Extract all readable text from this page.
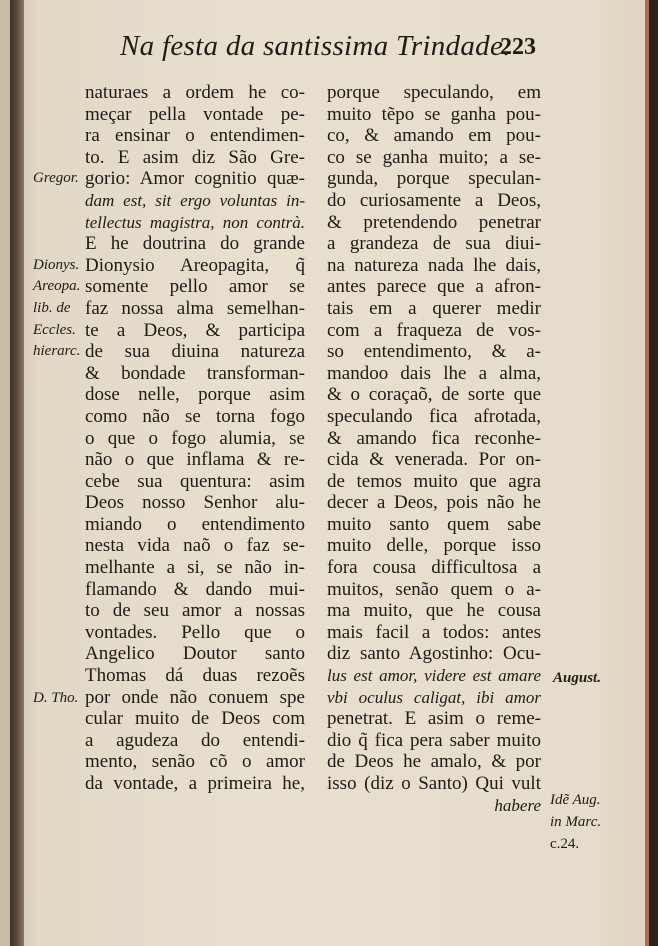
Na festa da santissima Trindade.
223
naturaes a ordem he co-
meçar pella vontade pe-
ra ensinar o entendimen-
to. E asim diz São Gre-
gorio: Amor cognitio quæ-
dam est, sit ergo voluntas in-
tellectus magistra, non contrà.
E he doutrina do grande
Dionysio Areopagita, q̃
somente pello amor se
faz nossa alma semelhan-
te a Deos, & participa
de sua diuina natureza
& bondade transforman-
dose nelle, porque asim
como não se torna fogo
o que o fogo alumia, se
não o que inflama & re-
cebe sua quentura: asim
Deos nosso Senhor alu-
miando o entendimento
nesta vida naõ o faz se-
melhante a si, se não in-
flamando & dando mui-
to de seu amor a nossas
vontades. Pello que o
Angelico Doutor santo
Thomas dá duas rezoẽs
por onde não conuem spe
cular muito de Deos com
a agudeza do entendi-
mento, senão cõ o amor
da vontade, a primeira he,
porque speculando, em
muito tẽpo se ganha pou-
co, & amando em pou-
co se ganha muito; a se-
gunda, porque speculan-
do curiosamente a Deos,
& pretendendo penetrar
a grandeza de sua diui-
na natureza nada lhe dais,
antes parece que a afron-
tais em a querer medir
com a fraqueza de vos-
so entendimento, & a-
mandoo dais lhe a alma,
& o coraçaõ, de sorte que
speculando fica afrotada,
& amando fica reconhe-
cida & venerada. Por on-
de temos muito que agra
decer a Deos, pois não he
muito santo quem sabe
muito delle, porque isso
fora cousa difficultosa a
muitos, senão quem o a-
ma muito, que he cousa
mais facil a todos: antes
diz santo Agostinho: Ocu-
lus est amor, videre est amare
vbi oculus caligat, ibi amor
penetrat. E asim o reme-
dio q̃ fica pera saber muito
de Deos he amalo, & por
isso (diz o Santo) Qui vult
habere
Gregor.
Dionys.
Areopa.
lib. de
Eccles.
hierarc.
D. Tho.
August.
Idẽ Aug.
in Marc.
c.24.
